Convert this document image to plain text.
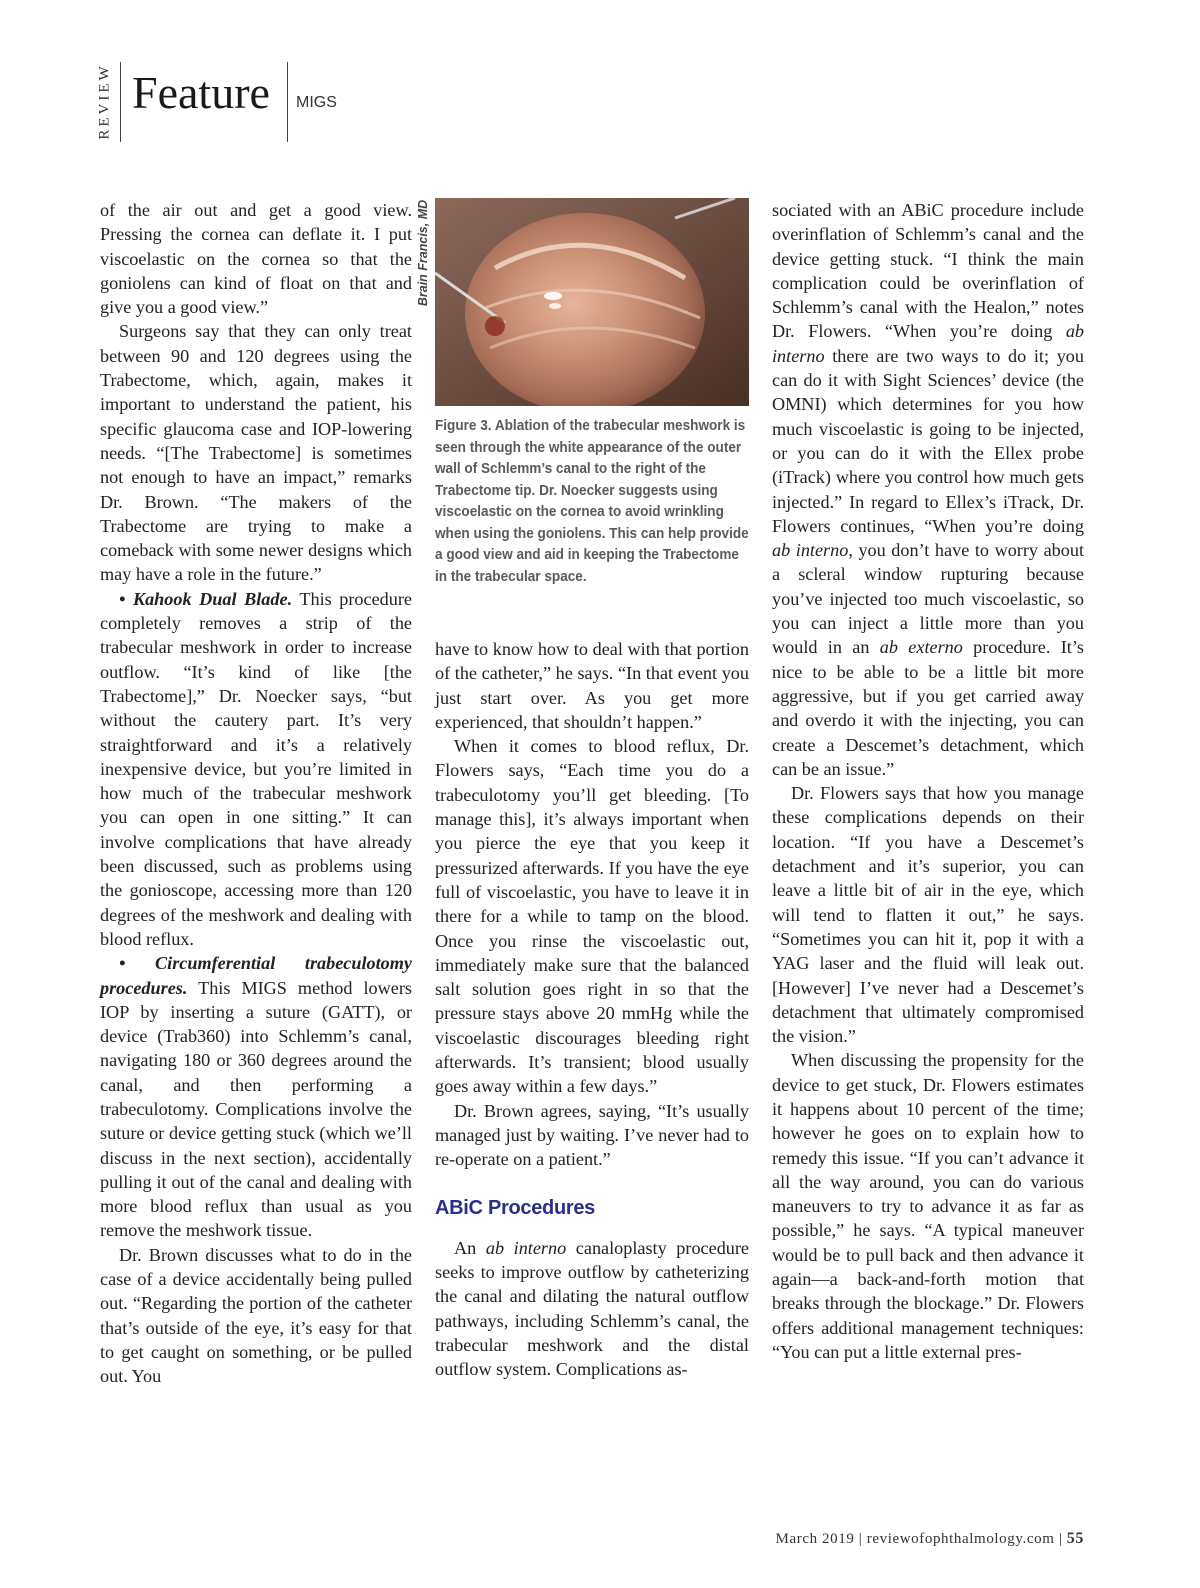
REVIEW Feature MIGS

of the air out and get a good view. Pressing the cornea can deflate it. I put viscoelastic on the cornea so that the goniolens can kind of float on that and give you a good view.”

Surgeons say that they can only treat between 90 and 120 degrees using the Trabectome, which, again, makes it important to understand the patient, his specific glaucoma case and IOP-lowering needs. “[The Trabectome] is sometimes not enough to have an impact,” remarks Dr. Brown. “The makers of the Trabectome are trying to make a comeback with some newer designs which may have a role in the future.”

• Kahook Dual Blade. This procedure completely removes a strip of the trabecular meshwork in order to increase outflow. “It’s kind of like [the Trabectome],” Dr. Noecker says, “but without the cautery part. It’s very straightforward and it’s a relatively inexpensive device, but you’re limited in how much of the trabecular meshwork you can open in one sitting.” It can involve complications that have already been discussed, such as problems using the gonioscope, accessing more than 120 degrees of the meshwork and dealing with blood reflux.

• Circumferential trabeculotomy procedures. This MIGS method lowers IOP by inserting a suture (GATT), or device (Trab360) into Schlemm’s canal, navigating 180 or 360 degrees around the canal, and then performing a trabeculotomy. Complications involve the suture or device getting stuck (which we’ll discuss in the next section), accidentally pulling it out of the canal and dealing with more blood reflux than usual as you remove the meshwork tissue.

Dr. Brown discusses what to do in the case of a device accidentally being pulled out. “Regarding the portion of the catheter that’s outside of the eye, it’s easy for that to get caught on something, or be pulled out. You

Brain Francis, MD
Figure 3. Ablation of the trabecular meshwork is seen through the white appearance of the outer wall of Schlemm’s canal to the right of the Trabectome tip. Dr. Noecker suggests using viscoelastic on the cornea to avoid wrinkling when using the goniolens. This can help provide a good view and aid in keeping the Trabectome in the trabecular space.

have to know how to deal with that portion of the catheter,” he says. “In that event you just start over. As you get more experienced, that shouldn’t happen.”

When it comes to blood reflux, Dr. Flowers says, “Each time you do a trabeculotomy you’ll get bleeding. [To manage this], it’s always important when you pierce the eye that you keep it pressurized afterwards. If you have the eye full of viscoelastic, you have to leave it in there for a while to tamp on the blood. Once you rinse the viscoelastic out, immediately make sure that the balanced salt solution goes right in so that the pressure stays above 20 mmHg while the viscoelastic discourages bleeding right afterwards. It’s transient; blood usually goes away within a few days.”

Dr. Brown agrees, saying, “It’s usually managed just by waiting. I’ve never had to re-operate on a patient.”

ABiC Procedures

An ab interno canaloplasty procedure seeks to improve outflow by catheterizing the canal and dilating the natural outflow pathways, including Schlemm’s canal, the trabecular meshwork and the distal outflow system. Complications as-

sociated with an ABiC procedure include overinflation of Schlemm’s canal and the device getting stuck. “I think the main complication could be overinflation of Schlemm’s canal with the Healon,” notes Dr. Flowers. “When you’re doing ab interno there are two ways to do it; you can do it with Sight Sciences’ device (the OMNI) which determines for you how much viscoelastic is going to be injected, or you can do it with the Ellex probe (iTrack) where you control how much gets injected.” In regard to Ellex’s iTrack, Dr. Flowers continues, “When you’re doing ab interno, you don’t have to worry about a scleral window rupturing because you’ve injected too much viscoelastic, so you can inject a little more than you would in an ab externo procedure. It’s nice to be able to be a little bit more aggressive, but if you get carried away and overdo it with the injecting, you can create a Descemet’s detachment, which can be an issue.”

Dr. Flowers says that how you manage these complications depends on their location. “If you have a Descemet’s detachment and it’s superior, you can leave a little bit of air in the eye, which will tend to flatten it out,” he says. “Sometimes you can hit it, pop it with a YAG laser and the fluid will leak out. [However] I’ve never had a Descemet’s detachment that ultimately compromised the vision.”

When discussing the propensity for the device to get stuck, Dr. Flowers estimates it happens about 10 percent of the time; however he goes on to explain how to remedy this issue. “If you can’t advance it all the way around, you can do various maneuvers to try to advance it as far as possible,” he says. “A typical maneuver would be to pull back and then advance it again—a back-and-forth motion that breaks through the blockage.” Dr. Flowers offers additional management techniques: “You can put a little external pres-

March 2019 | reviewofophthalmology.com | 55
